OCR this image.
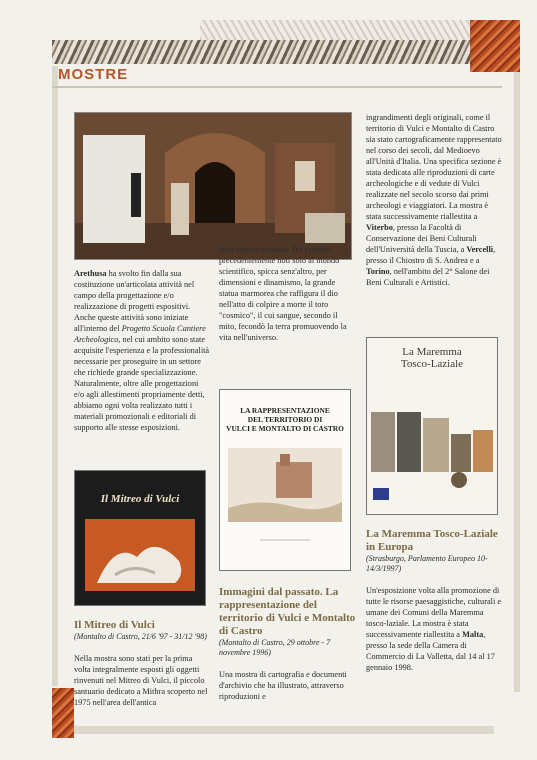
MOSTRE

Arethusa ha svolto fin dalla sua costituzione un'articolata attività nel campo della progettazione e/o realizzazione di progetti espositivi. Anche queste attività sono iniziate all'interno del Progetto Scuola Cantiere Archeologico, nel cui ambito sono state acquisite l'esperienza e la professionalità necessarie per proseguire in un settore che richiede grande specializzazione. Naturalmente, oltre alle progettazioni e/o agli allestimenti propriamente detti, abbiamo ogni volta realizzato tutti i materiali promozionali e editoriali di supporto alle stesse esposizioni.

città etrusco-romana. Tra i reperti, precedentemente noti solo al mondo scientifico, spicca senz'altro, per dimensioni e dinamismo, la grande statua marmorea che raffigura il dio nell'atto di colpire a morte il toro "cosmico", il cui sangue, secondo il mito, fecondò la terra promuovendo la vita nell'universo.

ingrandimenti degli originali, come il territorio di Vulci e Montalto di Castro sia stato cartograficamente rappresentato nel corso dei secoli, dal Medioevo all'Unità d'Italia. Una specifica sezione è stata dedicata alle riproduzioni di carte archeologiche e di vedute di Vulci realizzate nel secolo scorso dai primi archeologi e viaggiatori. La mostra è stata successivamente riallestita a Viterbo, presso la Facoltà di Conservazione dei Beni Culturali dell'Università della Tuscia, a Vercelli, presso il Chiostro di S. Andrea e a Torino, nell'ambito del 2° Salone dei Beni Culturali e Artistici.

Il Mitreo di Vulci
LA RAPPRESENTAZIONE
DEL TERRITORIO DI
VULCI E MONTALTO DI CASTRO
La Maremma
Tosco-Laziale

Il Mitreo di Vulci

(Montalto di Castro, 21/6 '97 - 31/12 '98)

Nella mostra sono stati per la prima volta integralmente esposti gli oggetti rinvenuti nel Mitreo di Vulci, il piccolo santuario dedicato a Mithra scoperto nel 1975 nell'area dell'antica

Immagini dal passato. La rappresentazione del territorio di Vulci e Montalto di Castro

(Montalto di Castro, 29 ottobre - 7 novembre 1996)

Una mostra di cartografia e documenti d'archivio che ha illustrato, attraverso riproduzioni e

La Maremma Tosco-Laziale in Europa

(Strasburgo, Parlamento Europeo 10-14/3/1997)

Un'esposizione volta alla promozione di tutte le risorse paesaggistiche, culturali e umane dei Comuni della Maremma tosco-laziale. La mostra è stata successivamente riallestita a Malta, presso la sede della Camera di Commercio di La Valletta, dal 14 al 17 gennaio 1998.
